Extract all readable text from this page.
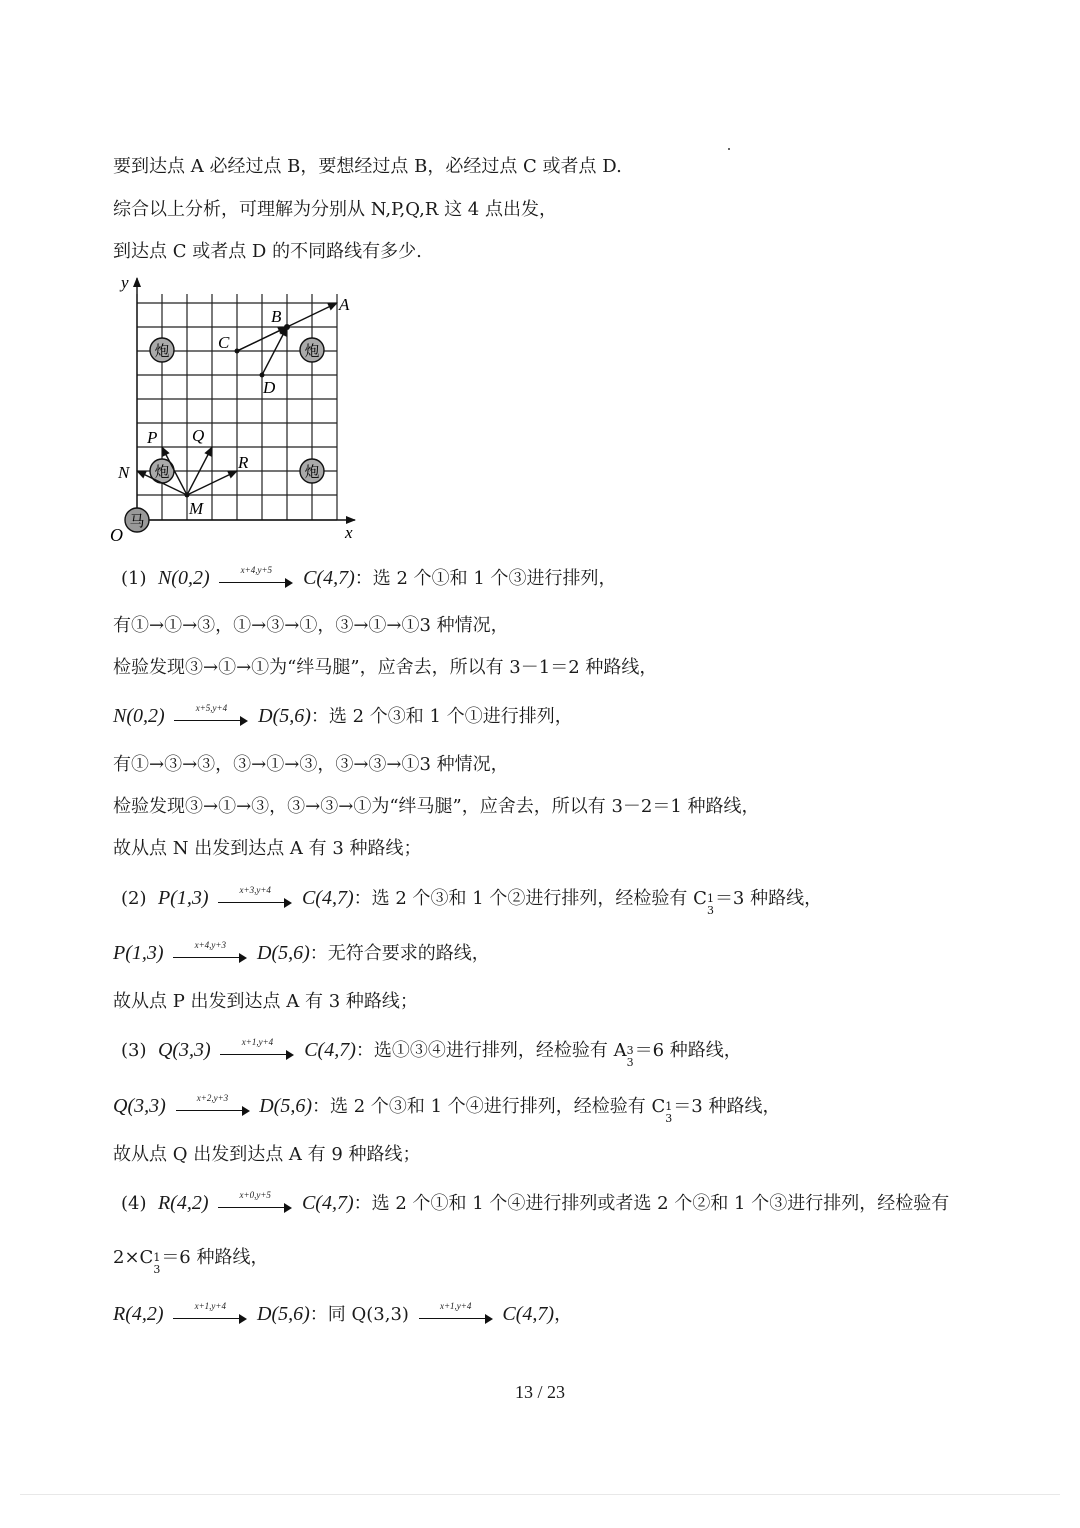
要到达点 A 必经过点 B，要想经过点 B，必经过点 C 或者点 D.
综合以上分析，可理解为分别从 N,P,Q,R 这 4 点出发，
到达点 C 或者点 D 的不同路线有多少.
x
y
O
炮	炮
炮	炮
马
A
B
C
D
P Q
R
N
M
(1) N(0,2)	x+4,y+5	C(4,7)：选 2 个①和 1 个③进行排列，
有①→①→③，①→③→①，③→①→①3 种情况，
检验发现③→①→①为“绊马腿”，应舍去，所以有 3－1＝2 种路线，
N(0,2)	x+5,y+4	D(5,6)：选 2 个③和 1 个①进行排列，
有①→③→③，③→①→③，③→③→①3 种情况，
检验发现③→①→③，③→③→①为“绊马腿”，应舍去，所以有 3－2＝1 种路线，
故从点 N 出发到达点 A 有 3 种路线；
(2) P(1,3)	x+3,y+4	C(4,7)：选 2 个③和 1 个②进行排列，经检验有 C 1
3
＝3 种路线，
P(1,3)	x+4,y+3	D(5,6)：无符合要求的路线，
故从点 P 出发到达点 A 有 3 种路线；
(3) Q(3,3)	x+1,y+4	C(4,7)：选①③④进行排列，经检验有 A 3
3
＝6 种路线，
Q(3,3)	x+2,y+3	D(5,6)：选 2 个③和 1 个④进行排列，经检验有 C 1
3
＝3 种路线，
故从点 Q 出发到达点 A 有 9 种路线；
(4) R(4,2)	x+0,y+5	C(4,7)：选 2 个①和 1 个④进行排列或者选 2 个②和 1 个③进行排列，经检验有
2×C 1
3
＝6 种路线，
R(4,2)	x+1,y+4	D(5,6)：同 Q(3,3)	x+1,y+4	C(4,7)，
13 / 23
